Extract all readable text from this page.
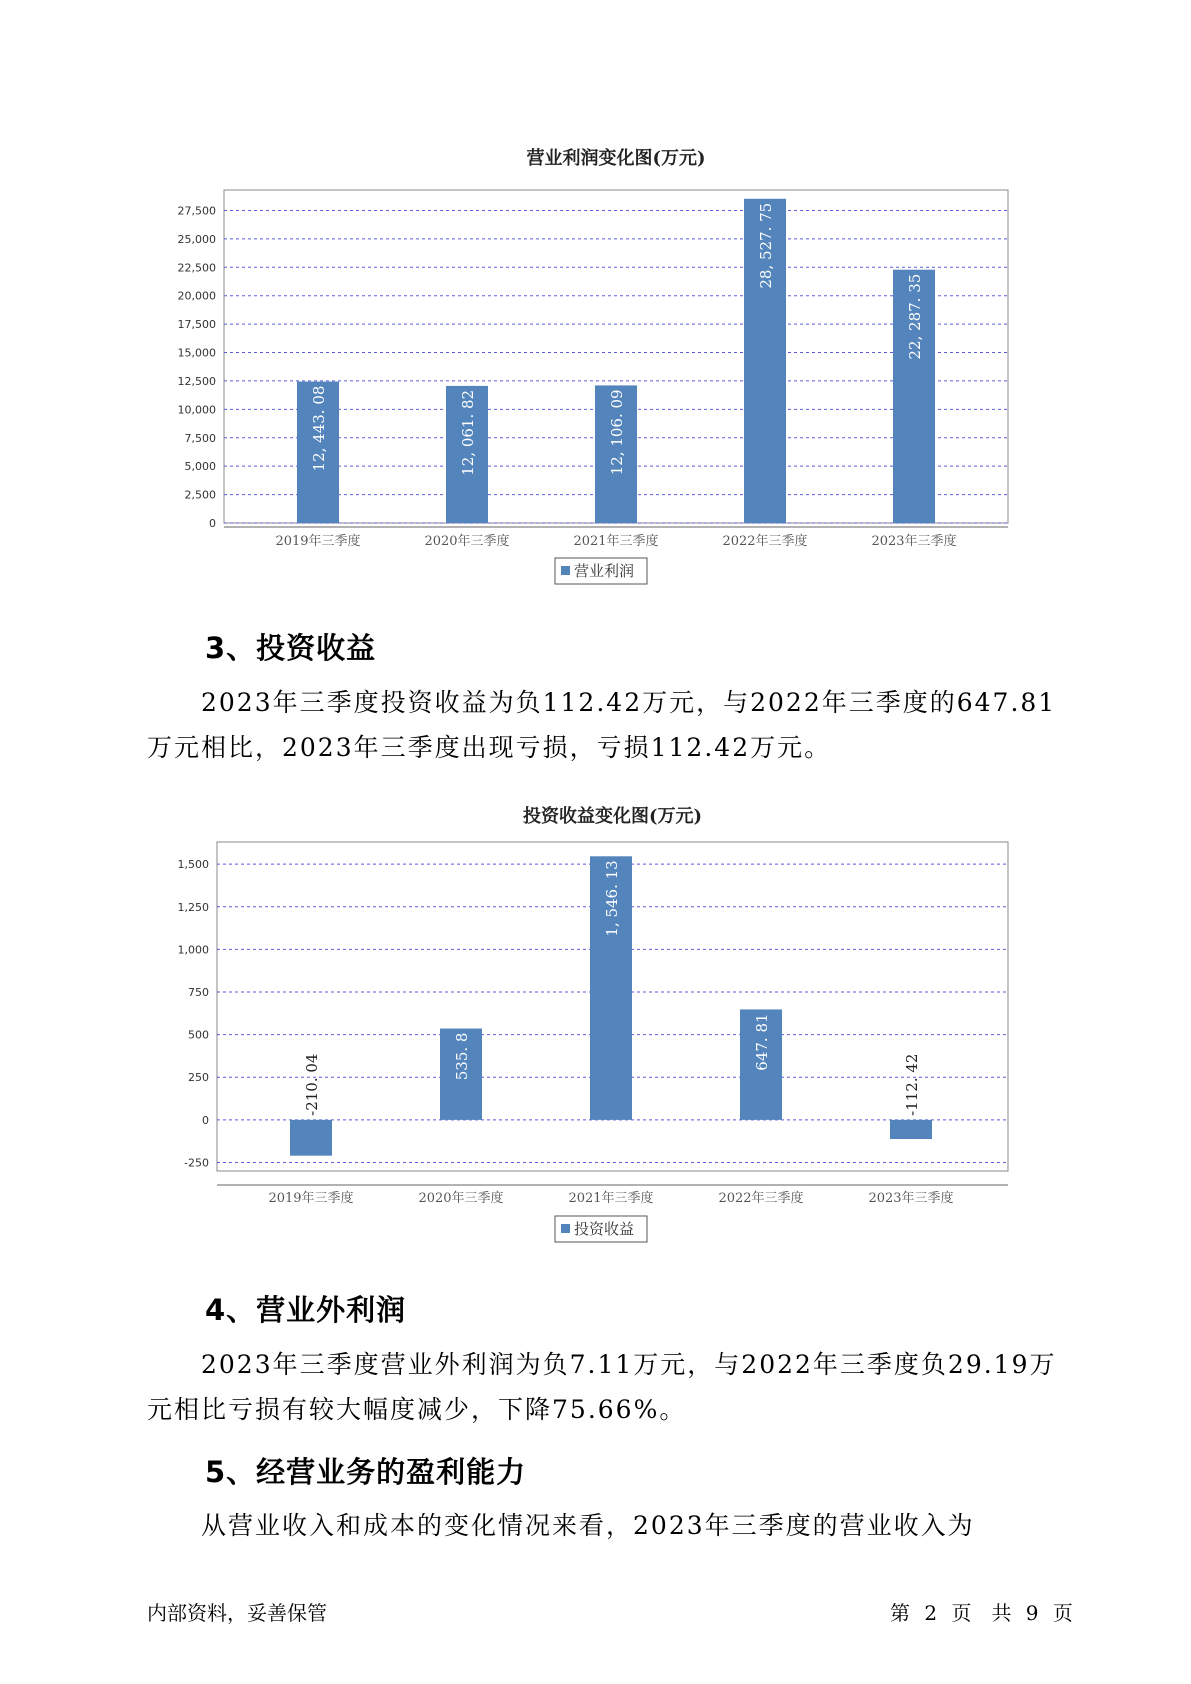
营业利润变化图(万元)
0
2,500
5,000
7,500
10,000
12,500
15,000
17,500
20,000
22,500
25,000
27,500
12, 443. 08
2019年三季度
12, 061. 82
2020年三季度
12, 106. 09
2021年三季度
28, 527. 75
2022年三季度
22, 287. 35
2023年三季度
营业利润
3、投资收益
2023年三季度投资收益为负112.42万元，与2022年三季度的647.81万元相比，2023年三季度出现亏损，亏损112.42万元。
投资收益变化图(万元)
-250
0
250
500
750
1,000
1,250
1,500
-210. 04
2019年三季度
535. 8
2020年三季度
1, 546. 13
2021年三季度
647. 81
2022年三季度
-112. 42
2023年三季度
投资收益
4、营业外利润
2023年三季度营业外利润为负7.11万元，与2022年三季度负29.19万元相比亏损有较大幅度减少，下降75.66%。
5、经营业务的盈利能力
从营业收入和成本的变化情况来看，2023年三季度的营业收入为
内部资料，妥善保管	第 2 页　共 9 页
